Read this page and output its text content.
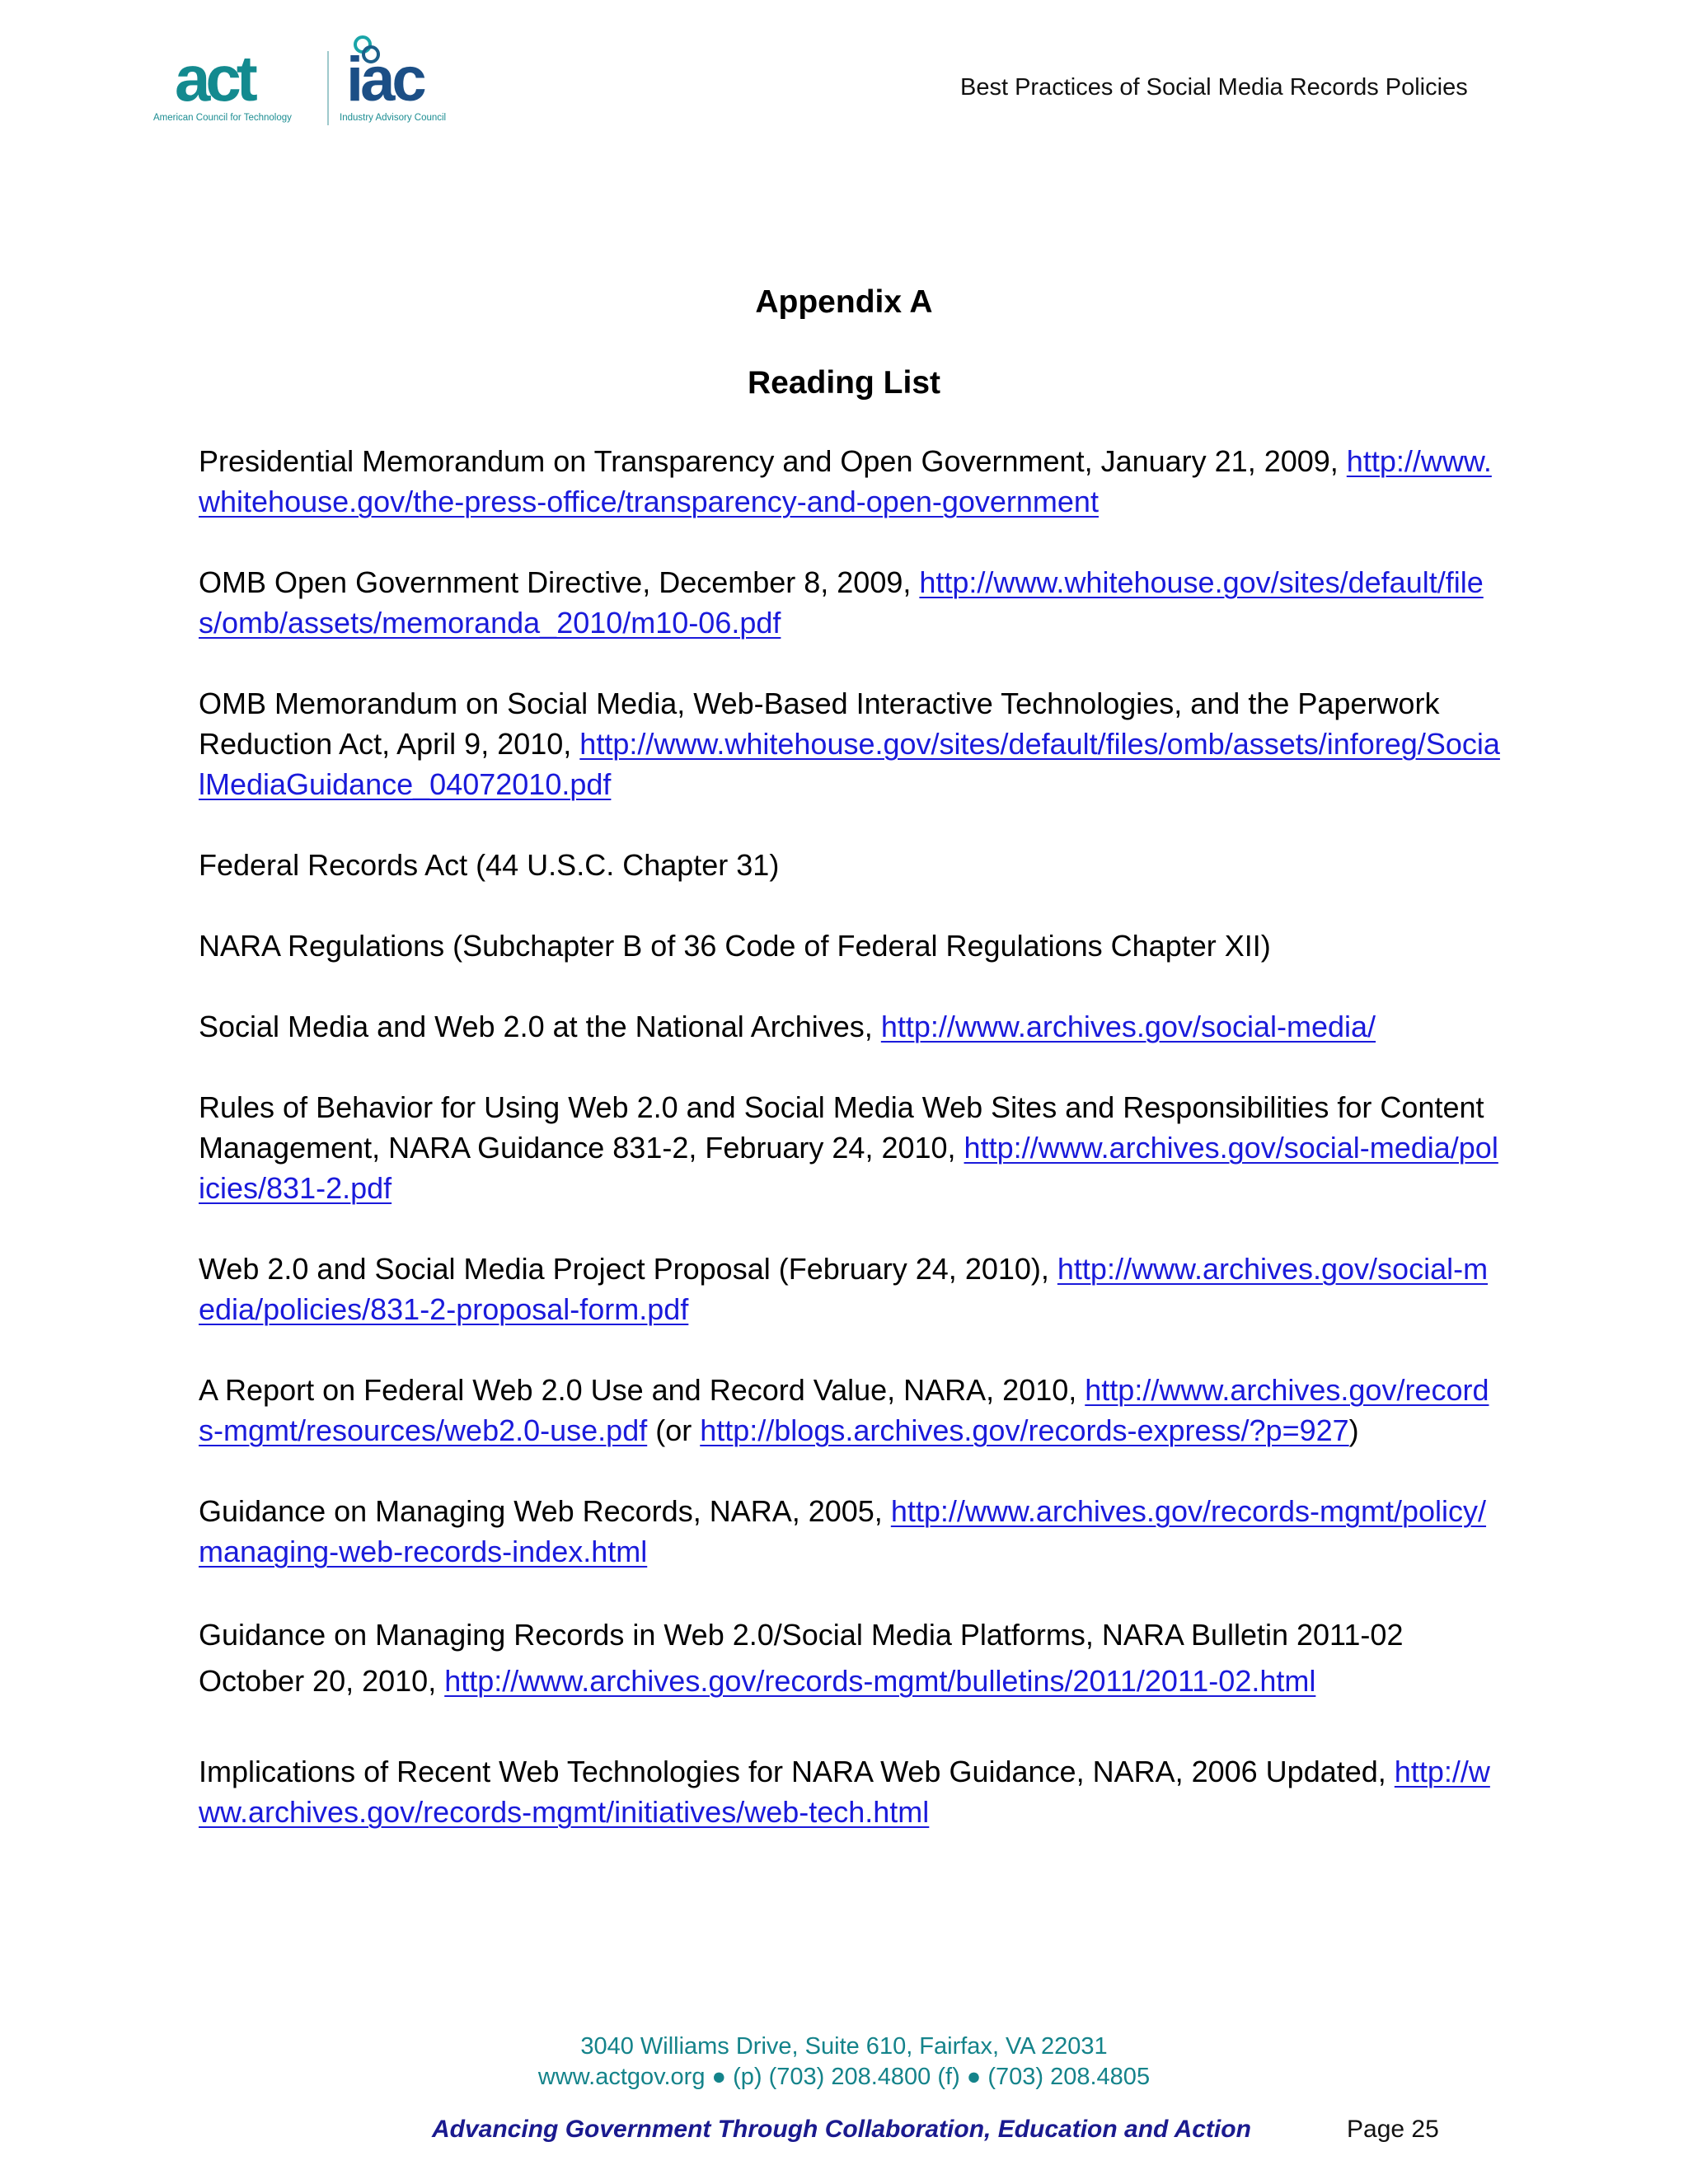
act
American Council for Technology
iac
Industry Advisory Council
Best Practices of Social Media Records Policies
Appendix A
Reading List
Presidential Memorandum on Transparency and Open Government, January 21, 2009, http://www.whitehouse.gov/the-press-office/transparency-and-open-government
OMB Open Government Directive, December 8, 2009, http://www.whitehouse.gov/sites/default/files/omb/assets/memoranda_2010/m10-06.pdf
OMB Memorandum on Social Media, Web-Based Interactive Technologies, and the Paperwork Reduction Act, April 9, 2010, http://www.whitehouse.gov/sites/default/files/omb/assets/inforeg/SocialMediaGuidance_04072010.pdf
Federal Records Act (44 U.S.C. Chapter 31)
NARA Regulations (Subchapter B of 36 Code of Federal Regulations Chapter XII)
Social Media and Web 2.0 at the National Archives, http://www.archives.gov/social-media/
Rules of Behavior for Using Web 2.0 and Social Media Web Sites and Responsibilities for Content Management, NARA Guidance 831-2, February 24, 2010, http://www.archives.gov/social-media/policies/831-2.pdf
Web 2.0 and Social Media Project Proposal (February 24, 2010), http://www.archives.gov/social-media/policies/831-2-proposal-form.pdf
A Report on Federal Web 2.0 Use and Record Value, NARA, 2010, http://www.archives.gov/records-mgmt/resources/web2.0-use.pdf (or http://blogs.archives.gov/records-express/?p=927)
Guidance on Managing Web Records, NARA, 2005, http://www.archives.gov/records-mgmt/policy/managing-web-records-index.html
Guidance on Managing Records in Web 2.0/Social Media Platforms, NARA Bulletin 2011-02 October 20, 2010, http://www.archives.gov/records-mgmt/bulletins/2011/2011-02.html
Implications of Recent Web Technologies for NARA Web Guidance, NARA, 2006 Updated, http://www.archives.gov/records-mgmt/initiatives/web-tech.html
3040 Williams Drive, Suite 610, Fairfax, VA 22031
www.actgov.org ● (p) (703) 208.4800 (f) ● (703) 208.4805
Advancing Government Through Collaboration, Education and Action	Page 25
